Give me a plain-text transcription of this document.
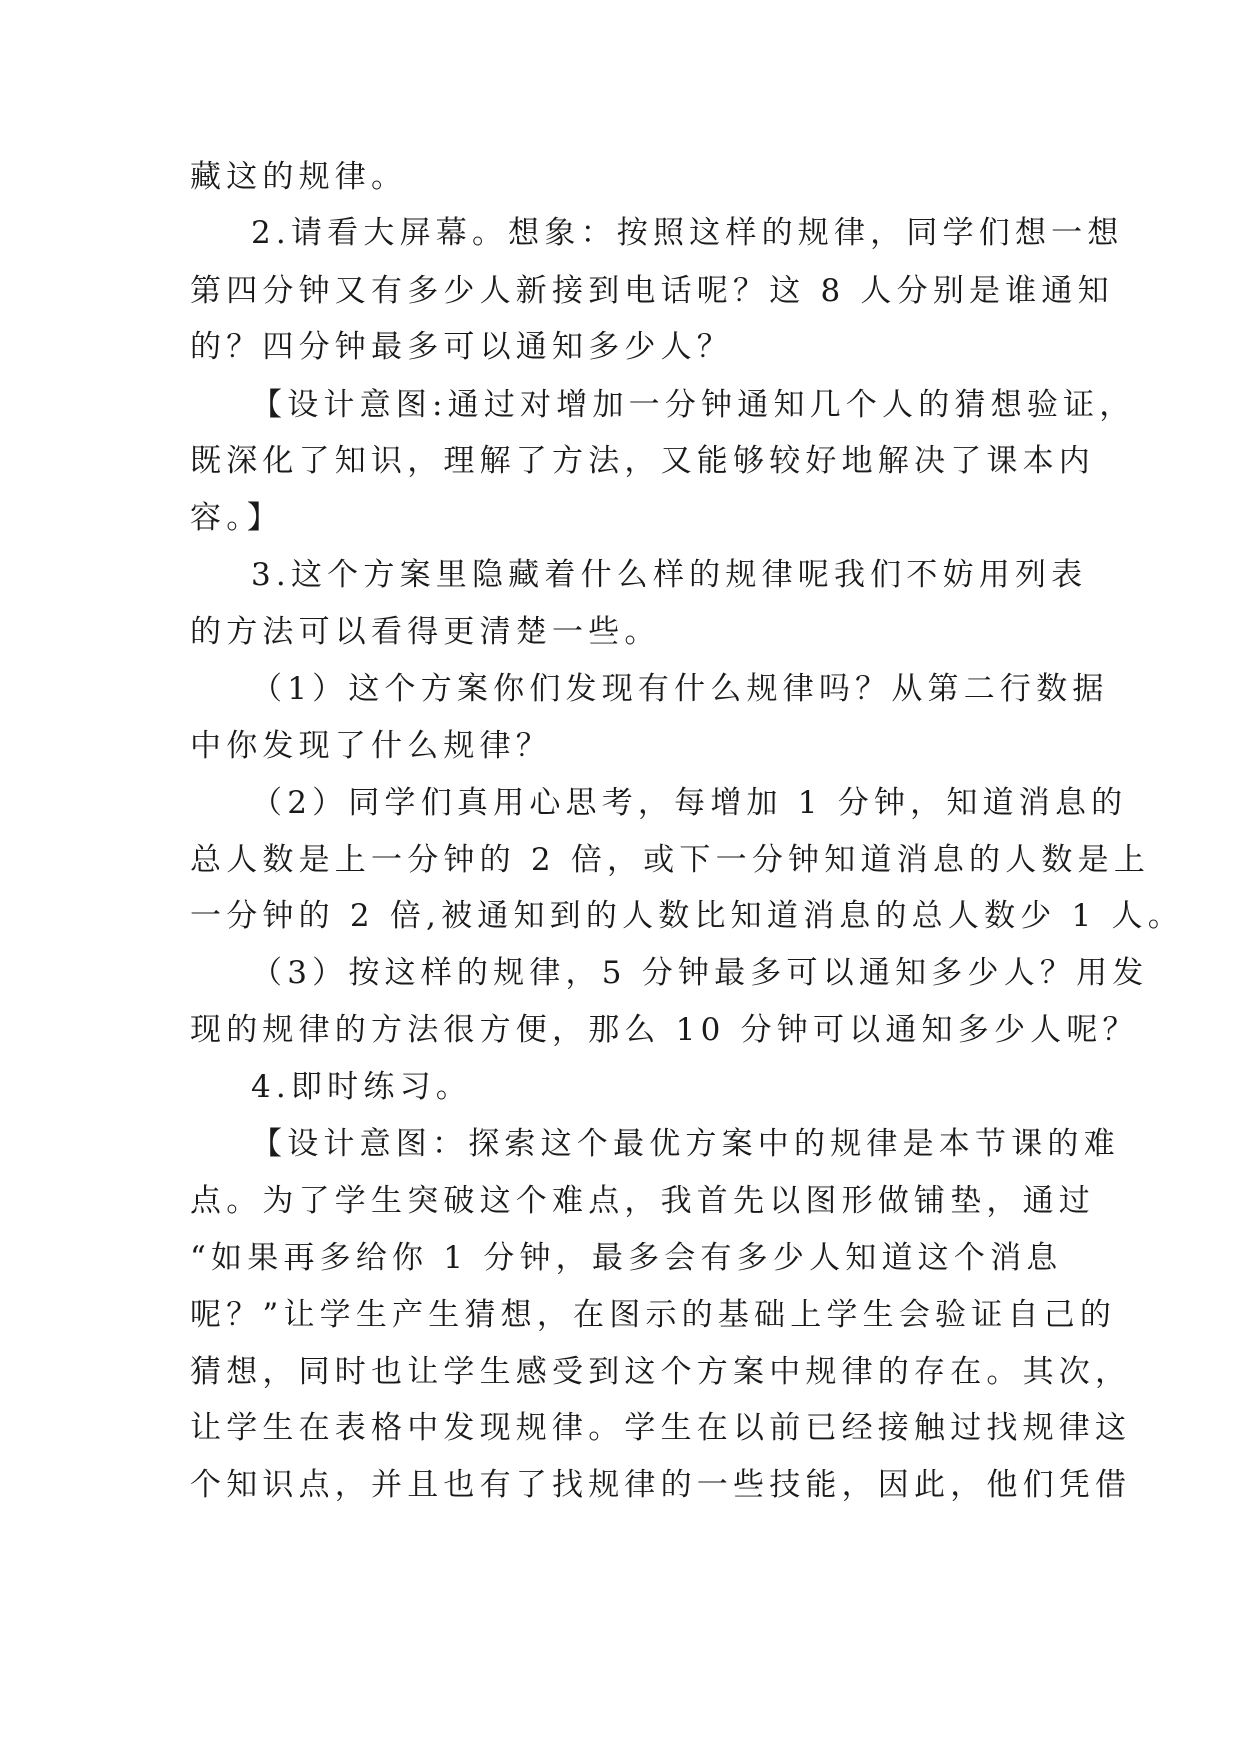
藏这的规律。
2.请看大屏幕。想象：按照这样的规律，同学们想一想
第四分钟又有多少人新接到电话呢？这 8 人分别是谁通知
的？四分钟最多可以通知多少人？
【设计意图:通过对增加一分钟通知几个人的猜想验证，
既深化了知识，理解了方法，又能够较好地解决了课本内
容。】
3.这个方案里隐藏着什么样的规律呢我们不妨用列表
的方法可以看得更清楚一些。
（1）这个方案你们发现有什么规律吗？从第二行数据
中你发现了什么规律？
（2）同学们真用心思考，每增加 1 分钟，知道消息的
总人数是上一分钟的 2 倍，或下一分钟知道消息的人数是上
一分钟的 2 倍,被通知到的人数比知道消息的总人数少 1 人。
（3）按这样的规律，5 分钟最多可以通知多少人？用发
现的规律的方法很方便，那么 10 分钟可以通知多少人呢？
4.即时练习。
【设计意图：探索这个最优方案中的规律是本节课的难
点。为了学生突破这个难点，我首先以图形做铺垫，通过
“如果再多给你 1 分钟，最多会有多少人知道这个消息
呢？”让学生产生猜想，在图示的基础上学生会验证自己的
猜想，同时也让学生感受到这个方案中规律的存在。其次，
让学生在表格中发现规律。学生在以前已经接触过找规律这
个知识点，并且也有了找规律的一些技能，因此，他们凭借
